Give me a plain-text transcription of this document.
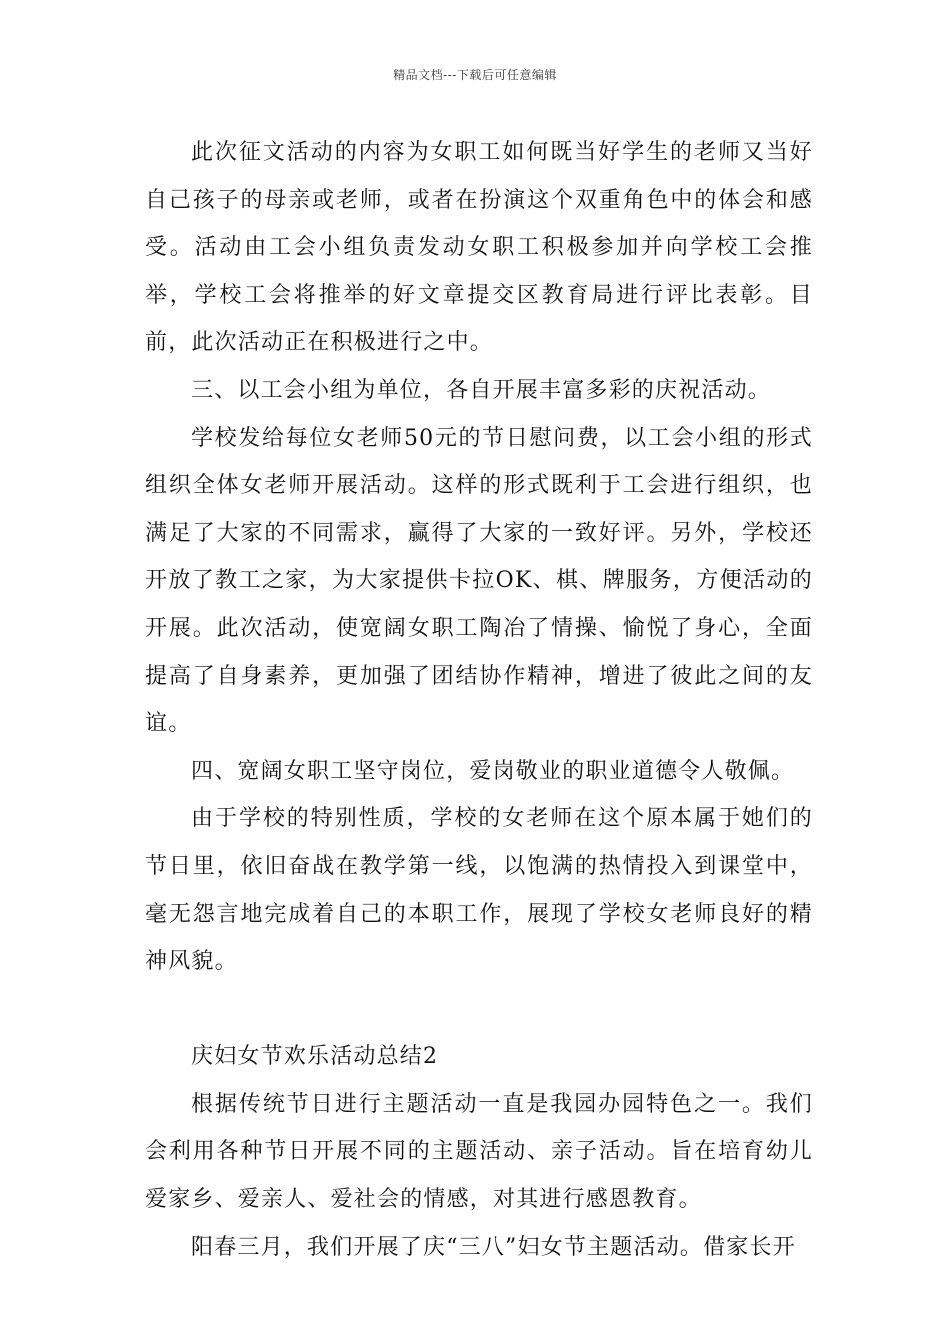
精品文档---下载后可任意编辑

此次征文活动的内容为女职工如何既当好学生的老师又当好自己孩子的母亲或老师，或者在扮演这个双重角色中的体会和感受。活动由工会小组负责发动女职工积极参加并向学校工会推举，学校工会将推举的好文章提交区教育局进行评比表彰。目前，此次活动正在积极进行之中。

三、以工会小组为单位，各自开展丰富多彩的庆祝活动。

学校发给每位女老师50元的节日慰问费，以工会小组的形式组织全体女老师开展活动。这样的形式既利于工会进行组织，也满足了大家的不同需求，赢得了大家的一致好评。另外，学校还开放了教工之家，为大家提供卡拉OK、棋、牌服务，方便活动的开展。此次活动，使宽阔女职工陶冶了情操、愉悦了身心，全面提高了自身素养，更加强了团结协作精神，增进了彼此之间的友谊。

四、宽阔女职工坚守岗位，爱岗敬业的职业道德令人敬佩。

由于学校的特别性质，学校的女老师在这个原本属于她们的节日里，依旧奋战在教学第一线，以饱满的热情投入到课堂中，毫无怨言地完成着自己的本职工作，展现了学校女老师良好的精神风貌。

庆妇女节欢乐活动总结2

根据传统节日进行主题活动一直是我园办园特色之一。我们会利用各种节日开展不同的主题活动、亲子活动。旨在培育幼儿爱家乡、爱亲人、爱社会的情感，对其进行感恩教育。

阳春三月，我们开展了庆“三八”妇女节主题活动。借家长开
